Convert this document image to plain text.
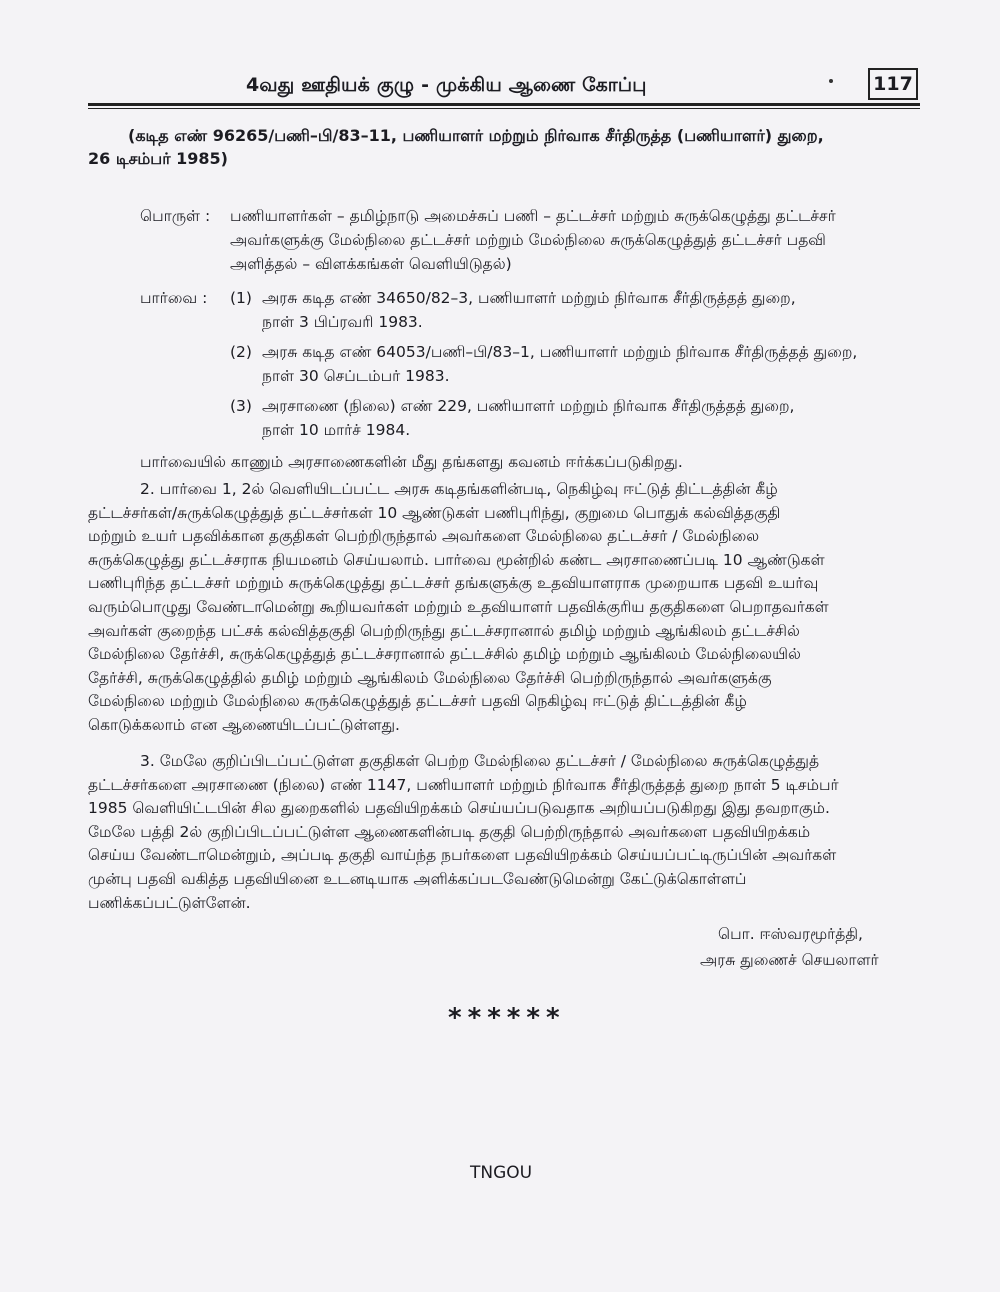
4வது ஊதியக் குழு - முக்கிய ஆணை கோப்பு	117
(கடித எண் 96265/பணி–பி/83–11, பணியாளர் மற்றும் நிர்வாக சீர்திருத்த (பணியாளர்) துறை,
26 டிசம்பர் 1985)
பொருள் : பணியாளர்கள் – தமிழ்நாடு அமைச்சுப் பணி – தட்டச்சர் மற்றும் சுருக்கெழுத்து தட்டச்சர்
அவர்களுக்கு மேல்நிலை தட்டச்சர் மற்றும் மேல்நிலை சுருக்கெழுத்துத் தட்டச்சர் பதவி
அளித்தல் – விளக்கங்கள் வெளியிடுதல்)
பார்வை : (1) அரசு கடித எண் 34650/82–3, பணியாளர் மற்றும் நிர்வாக சீர்திருத்தத் துறை,
நாள் 3 பிப்ரவரி 1983.
(2) அரசு கடித எண் 64053/பணி–பி/83–1, பணியாளர் மற்றும் நிர்வாக சீர்திருத்தத் துறை,
நாள் 30 செப்டம்பர் 1983.
(3) அரசாணை (நிலை) எண் 229, பணியாளர் மற்றும் நிர்வாக சீர்திருத்தத் துறை,
நாள் 10 மார்ச் 1984.
பார்வையில் காணும் அரசாணைகளின் மீது தங்களது கவனம் ஈர்க்கப்படுகிறது.
2. பார்வை 1, 2ல் வெளியிடப்பட்ட அரசு கடிதங்களின்படி, நெகிழ்வு ஈட்டுத் திட்டத்தின் கீழ்
தட்டச்சர்கள்/சுருக்கெழுத்துத் தட்டச்சர்கள் 10 ஆண்டுகள் பணிபுரிந்து, குறுமை பொதுக் கல்வித்தகுதி
மற்றும் உயர் பதவிக்கான தகுதிகள் பெற்றிருந்தால் அவர்களை மேல்நிலை தட்டச்சர் / மேல்நிலை
சுருக்கெழுத்து தட்டச்சராக நியமனம் செய்யலாம். பார்வை மூன்றில் கண்ட அரசாணைப்படி 10 ஆண்டுகள்
பணிபுரிந்த தட்டச்சர் மற்றும் சுருக்கெழுத்து தட்டச்சர் தங்களுக்கு உதவியாளராக முறையாக பதவி உயர்வு
வரும்பொழுது வேண்டாமென்று கூறியவர்கள் மற்றும் உதவியாளர் பதவிக்குரிய தகுதிகளை பெறாதவர்கள்
அவர்கள் குறைந்த பட்சக் கல்வித்தகுதி பெற்றிருந்து தட்டச்சரானால் தமிழ் மற்றும் ஆங்கிலம் தட்டச்சில்
மேல்நிலை தேர்ச்சி, சுருக்கெழுத்துத் தட்டச்சரானால் தட்டச்சில் தமிழ் மற்றும் ஆங்கிலம் மேல்நிலையில்
தேர்ச்சி, சுருக்கெழுத்தில் தமிழ் மற்றும் ஆங்கிலம் மேல்நிலை தேர்ச்சி பெற்றிருந்தால் அவர்களுக்கு
மேல்நிலை மற்றும் மேல்நிலை சுருக்கெழுத்துத் தட்டச்சர் பதவி நெகிழ்வு ஈட்டுத் திட்டத்தின் கீழ்
கொடுக்கலாம் என ஆணையிடப்பட்டுள்ளது.
3. மேலே குறிப்பிடப்பட்டுள்ள தகுதிகள் பெற்ற மேல்நிலை தட்டச்சர் / மேல்நிலை சுருக்கெழுத்துத்
தட்டச்சர்களை அரசாணை (நிலை) எண் 1147, பணியாளர் மற்றும் நிர்வாக சீர்திருத்தத் துறை நாள் 5 டிசம்பர்
1985 வெளியிட்டபின் சில துறைகளில் பதவியிறக்கம் செய்யப்படுவதாக அறியப்படுகிறது இது தவறாகும்.
மேலே பத்தி 2ல் குறிப்பிடப்பட்டுள்ள ஆணைகளின்படி தகுதி பெற்றிருந்தால் அவர்களை பதவியிறக்கம்
செய்ய வேண்டாமென்றும், அப்படி தகுதி வாய்ந்த நபர்களை பதவியிறக்கம் செய்யப்பட்டிருப்பின் அவர்கள்
முன்பு பதவி வகித்த பதவியினை உடனடியாக அளிக்கப்படவேண்டுமென்று கேட்டுக்கொள்ளப்
பணிக்கப்பட்டுள்ளேன்.
பொ. ஈஸ்வரமூர்த்தி,
அரசு துணைச் செயலாளர்
******
TNGOU
